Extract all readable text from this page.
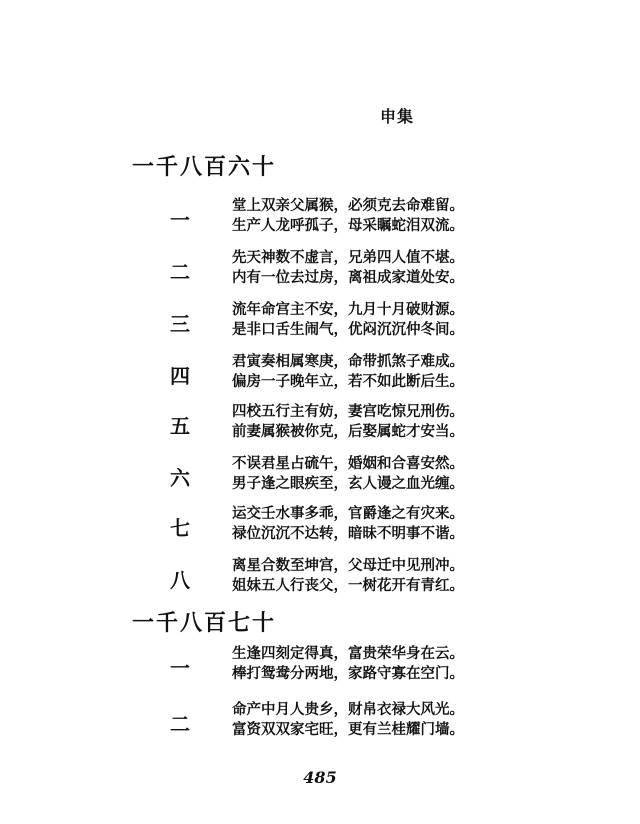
申集
一千八百六十
一
堂上双亲父属猴，必须克去命难留。
生产人龙呼孤子，母采瞩蛇泪双流。
二
先天神数不虚言，兄弟四人值不堪。
内有一位去过房，离祖成家道处安。
三
流年命宫主不安，九月十月破财源。
是非口舌生闹气，优闷沉沉仲冬间。
四
君寅奏相属寒庚，命带抓煞子难成。
偏房一子晚年立，若不如此断后生。
五
四校五行主有妨，妻宫吃惊兄刑伤。
前妻属猴被你克，后娶属蛇才安当。
六
不误君星占硫午，婚姻和合喜安然。
男子逢之眼疾至，玄人谩之血光缠。
七
运交壬水事多乖，官爵逢之有灾来。
禄位沉沉不达转，暗昧不明事不谐。
八
离星合数至坤宫，父母迁中见刑冲。
姐妹五人行丧父，一树花开有青红。
一千八百七十
一
生逢四刻定得真，富贵荣华身在云。
棒打鸳鸯分两地，家路守寡在空门。
二
命产中月人贵乡，财帛衣禄大风光。
富资双双家宅旺，更有兰桂耀门墙。
485
